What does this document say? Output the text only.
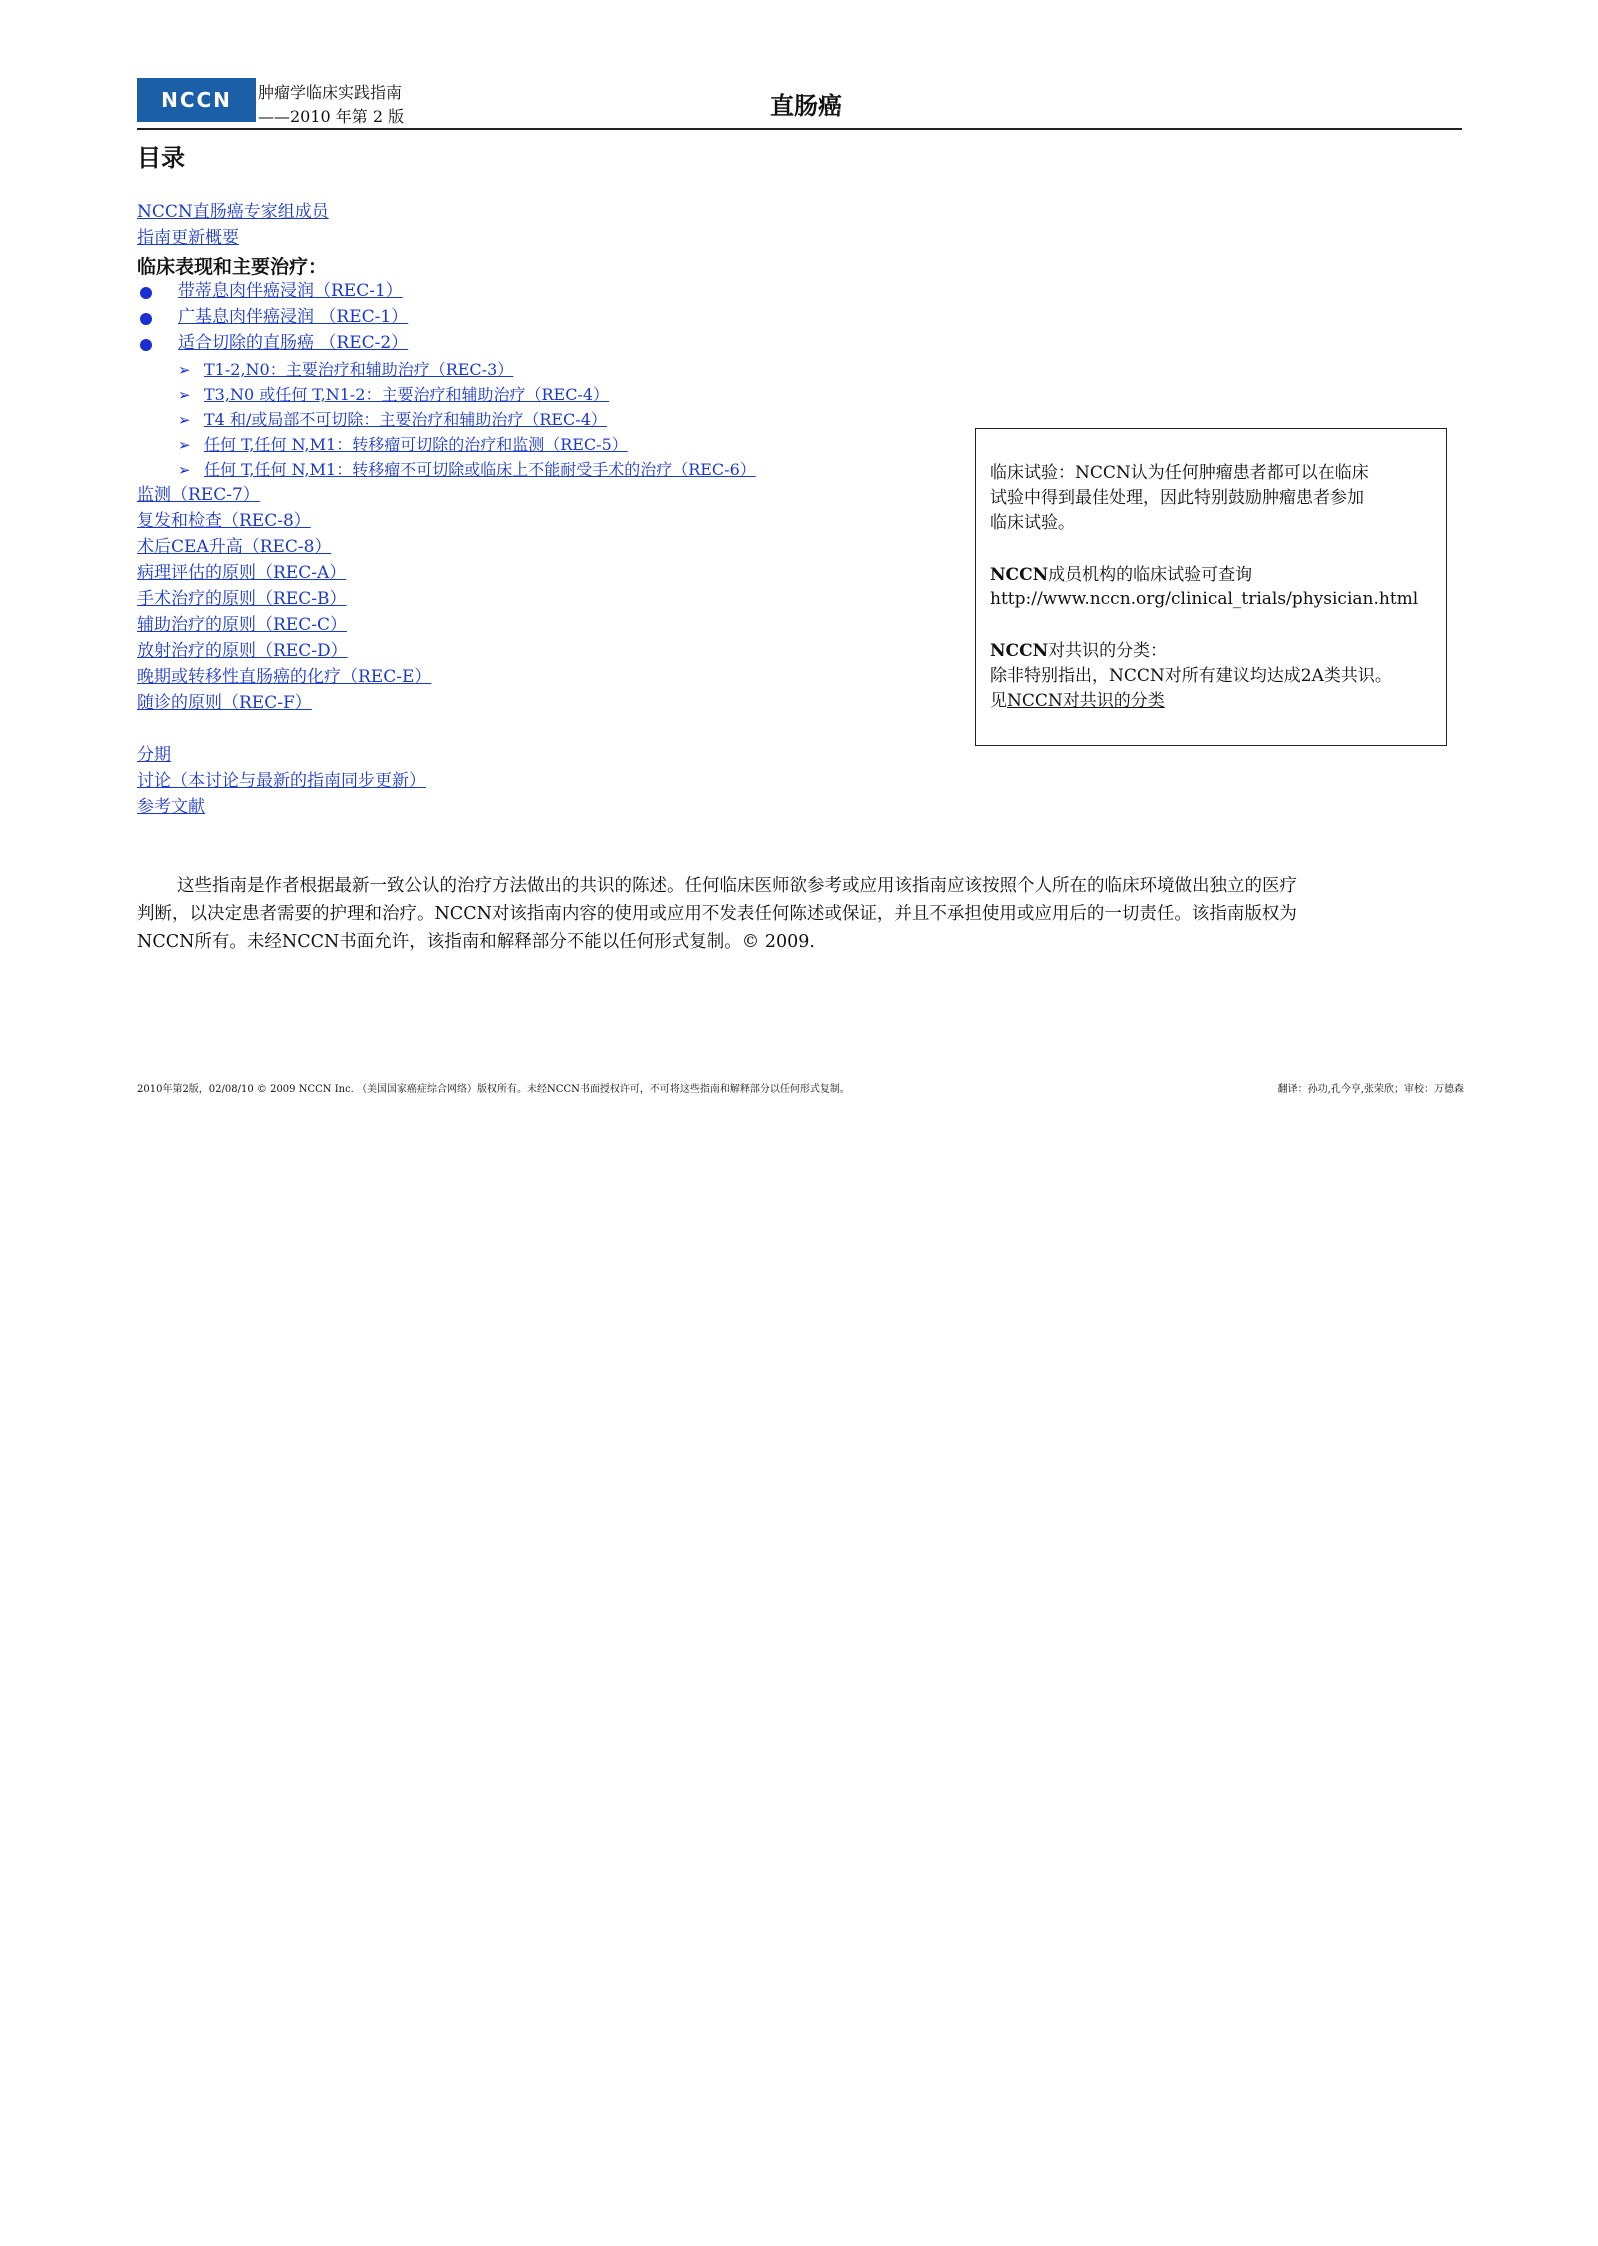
NCCN	肿瘤学临床实践指南
——2010 年第 2 版	直肠癌
目录
NCCN直肠癌专家组成员
指南更新概要
临床表现和主要治疗：
带蒂息肉伴癌浸润（REC-1）
广基息肉伴癌浸润 （REC-1）
适合切除的直肠癌 （REC-2）
➢ T1-2,N0：主要治疗和辅助治疗（REC-3）
➢ T3,N0 或任何 T,N1-2：主要治疗和辅助治疗（REC-4）
➢ T4 和/或局部不可切除：主要治疗和辅助治疗（REC-4）
➢ 任何 T,任何 N,M1：转移瘤可切除的治疗和监测（REC-5）
➢ 任何 T,任何 N,M1：转移瘤不可切除或临床上不能耐受手术的治疗（REC-6）
监测（REC-7）
复发和检查（REC-8）
术后CEA升高（REC-8）
病理评估的原则（REC-A）
手术治疗的原则（REC-B）
辅助治疗的原则（REC-C）
放射治疗的原则（REC-D）
晚期或转移性直肠癌的化疗（REC-E）
随诊的原则（REC-F）
分期
讨论（本讨论与最新的指南同步更新）
参考文献
临床试验：NCCN认为任何肿瘤患者都可以在临床
试验中得到最佳处理，因此特别鼓励肿瘤患者参加
临床试验。
NCCN成员机构的临床试验可查询
http://www.nccn.org/clinical_trials/physician.html
NCCN对共识的分类：
除非特别指出，NCCN对所有建议均达成2A类共识。
见NCCN对共识的分类

这些指南是作者根据最新一致公认的治疗方法做出的共识的陈述。任何临床医师欲参考或应用该指南应该按照个人所在的临床环境做出独立的医疗

判断，以决定患者需要的护理和治疗。NCCN对该指南内容的使用或应用不发表任何陈述或保证，并且不承担使用或应用后的一切责任。该指南版权为

NCCN所有。未经NCCN书面允许，该指南和解释部分不能以任何形式复制。© 2009.

2010年第2版，02/08/10 © 2009 NCCN Inc. （美国国家癌症综合网络）版权所有。未经NCCN书面授权许可，不可将这些指南和解释部分以任何形式复制。	翻译：孙功,孔今亨,张荣欣；审校：万德森
